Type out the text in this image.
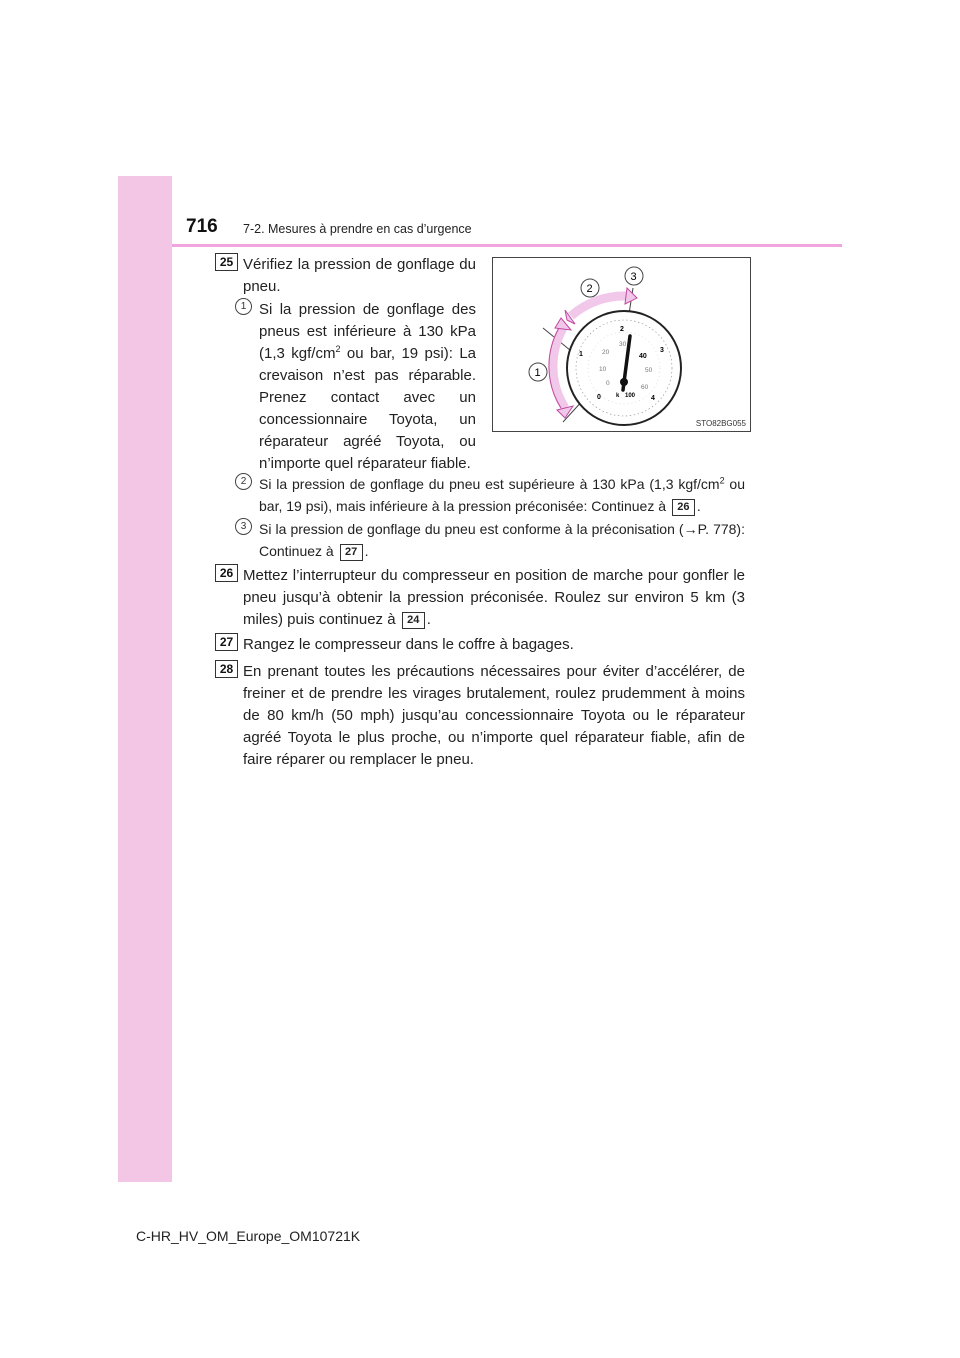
716 7-2. Mesures à prendre en cas d’urgence
25 Vérifiez la pression de gonflage du pneu.
1 Si la pression de gonflage des pneus est inférieure à 130 kPa (1,3 kgf/$cm^2$ ou bar, 19 psi): La crevaison n’est pas réparable. Prenez contact avec un concessionnaire Toyota, un réparateur agréé Toyota, ou n’importe quel réparateur fiable.
0
1
2
3
4
0
10
20
30
40
50
60
100
k
1
2
3
STO82BG055
2 Si la pression de gonflage du pneu est supérieure à 130 kPa (1,3 kgf/$cm^2$ ou bar, 19 psi), mais inférieure à la pression préconisée: Continuez à 26 .
3 Si la pression de gonflage du pneu est conforme à la préconisation (→P. 778): Continuez à 27 .
26 Mettez l’interrupteur du compresseur en position de marche pour gonfler le pneu jusqu’à obtenir la pression préconisée. Roulez sur environ 5 km (3 miles) puis continuez à 24 .
27 Rangez le compresseur dans le coffre à bagages.
28 En prenant toutes les précautions nécessaires pour éviter d’accélérer, de freiner et de prendre les virages brutalement, roulez prudemment à moins de 80 km/h (50 mph) jusqu’au concessionnaire Toyota ou le réparateur agréé Toyota le plus proche, ou n’importe quel réparateur fiable, afin de faire réparer ou remplacer le pneu.
C-HR_HV_OM_Europe_OM10721K
